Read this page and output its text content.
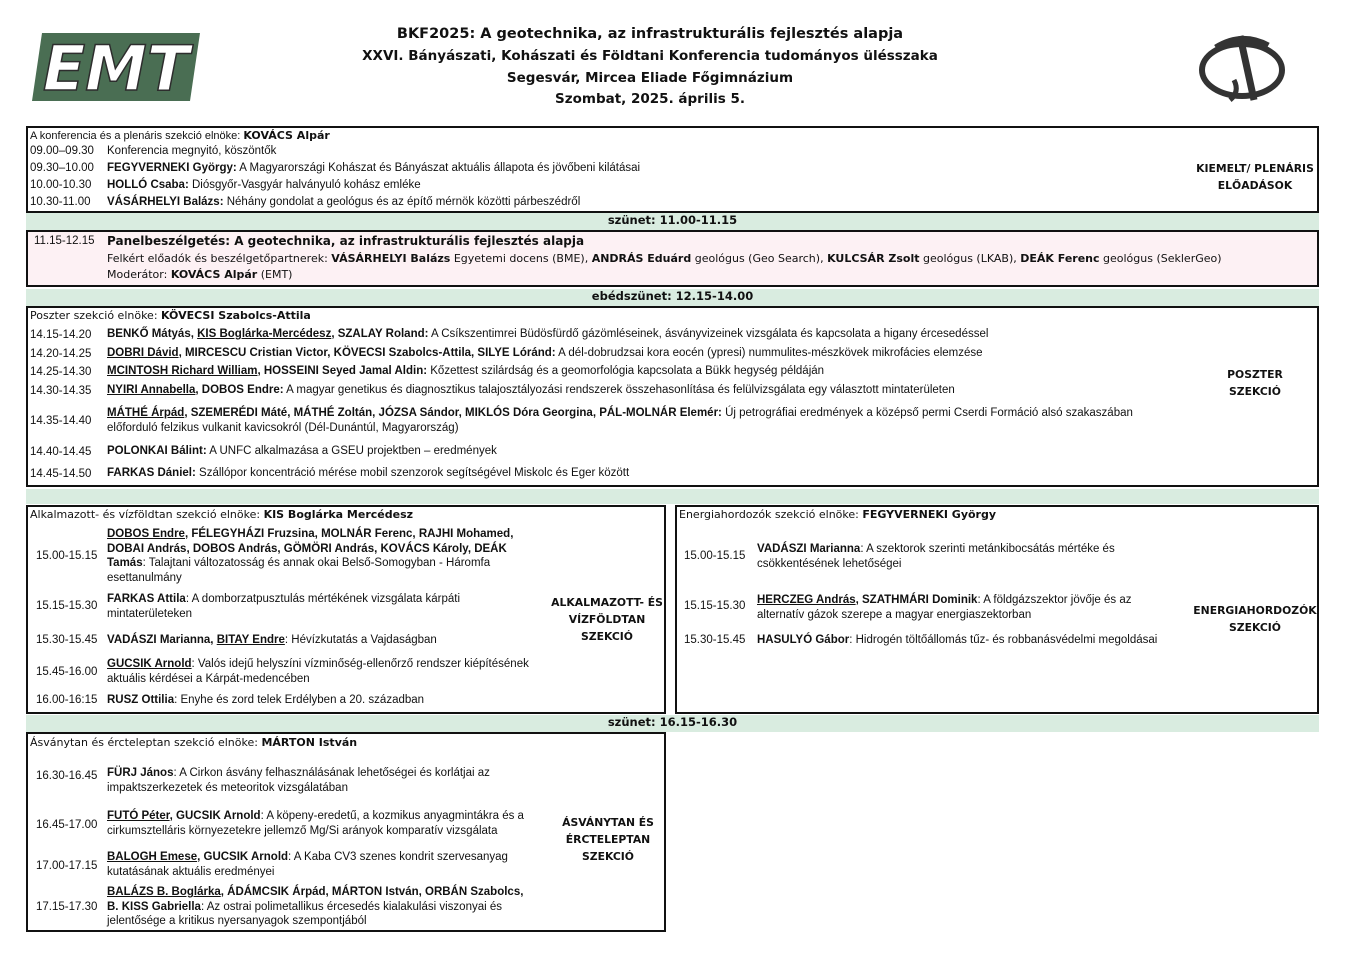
EMT	BKF2025: A geotechnika, az infrastrukturális fejlesztés alapja
XXVI. Bányászati, Kohászati és Földtani Konferencia tudományos ülésszaka
Segesvár, Mircea Eliade Főgimnázium
Szombat, 2025. április 5.
A konferencia és a plenáris szekció elnöke: KOVÁCS Alpár
09.00–09.30 Konferencia megnyitó, köszöntők
09.30–10.00 FEGYVERNEKI György: A Magyarországi Kohászat és Bányászat aktuális állapota és jövőbeni kilátásai
10.00-10.30 HOLLÓ Csaba: Diósgyőr-Vasgyár halványuló kohász emléke
10.30-11.00 VÁSÁRHELYI Balázs: Néhány gondolat a geológus és az építő mérnök közötti párbeszédről
KIEMELT/ PLENÁRIS
ELŐADÁSOK
szünet: 11.00-11.15
11.15-12.15 Panelbeszélgetés: A geotechnika, az infrastrukturális fejlesztés alapja
Felkért előadók és beszélgetőpartnerek: VÁSÁRHELYI Balázs Egyetemi docens (BME), ANDRÁS Eduárd geológus (Geo Search), KULCSÁR Zsolt geológus (LKAB), DEÁK Ferenc geológus (SeklerGeo)
Moderátor: KOVÁCS Alpár (EMT)
ebédszünet: 12.15-14.00
Poszter szekció elnöke: KÖVECSI Szabolcs-Attila
14.15-14.20 BENKŐ Mátyás, KIS Boglárka-Mercédesz, SZALAY Roland: A Csíkszentimrei Büdösfürdő gázömléseinek, ásványvizeinek vizsgálata és kapcsolata a higany ércesedéssel
14.20-14.25 DOBRI Dávid, MIRCESCU Cristian Victor, KÖVECSI Szabolcs-Attila, SILYE Lóránd: A dél-dobrudzsai kora eocén (ypresi) nummulites-mészkövek mikrofácies elemzése
14.25-14.30 MCINTOSH Richard William, HOSSEINI Seyed Jamal Aldin: Kőzettest szilárdság és a geomorfológia kapcsolata a Bükk hegység példáján
14.30-14.35 NYIRI Annabella, DOBOS Endre: A magyar genetikus és diagnosztikus talajosztályozási rendszerek összehasonlítása és felülvizsgálata egy választott mintaterületen
14.35-14.40
MÁTHÉ Árpád, SZEMERÉDI Máté, MÁTHÉ Zoltán, JÓZSA Sándor, MIKLÓS Dóra Georgina, PÁL-MOLNÁR Elemér: Új petrográfiai eredmények a középső permi Cserdi Formáció alsó szakaszában
előforduló felzikus vulkanit kavicsokról (Dél-Dunántúl, Magyarország)
14.40-14.45 POLONKAI Bálint: A UNFC alkalmazása a GSEU projektben – eredmények
14.45-14.50 FARKAS Dániel: Szállópor koncentráció mérése mobil szenzorok segítségével Miskolc és Eger között
POSZTER
SZEKCIÓ
Alkalmazott- és vízföldtan szekció elnöke: KIS Boglárka Mercédesz
15.00-15.15
DOBOS Endre, FÉLEGYHÁZI Fruzsina, MOLNÁR Ferenc, RAJHI Mohamed,
DOBAI András, DOBOS András, GÖMÖRI András, KOVÁCS Károly, DEÁK
Tamás: Talajtani változatosság és annak okai Belső-Somogyban - Háromfa
esettanulmány
15.15-15.30
FARKAS Attila: A domborzatpusztulás mértékének vizsgálata kárpáti
mintaterületeken
15.30-15.45 VADÁSZI Marianna, BITAY Endre: Hévízkutatás a Vajdaságban
15.45-16.00
GUCSIK Arnold: Valós idejű helyszíni vízminőség-ellenőrző rendszer kiépítésének
aktuális kérdései a Kárpát-medencében
16.00-16:15 RUSZ Ottilia: Enyhe és zord telek Erdélyben a 20. században
ALKALMAZOTT- ÉS
VÍZFÖLDTAN
SZEKCIÓ
Energiahordozók szekció elnöke: FEGYVERNEKI György
15.00-15.15
VADÁSZI Marianna: A szektorok szerinti metánkibocsátás mértéke és
csökkentésének lehetőségei
15.15-15.30 HERCZEG András, SZATHMÁRI Dominik: A földgázszektor jövője és az
alternatív gázok szerepe a magyar energiaszektorban
15.30-15.45 HASULYÓ Gábor: Hidrogén töltőállomás tűz- és robbanásvédelmi megoldásai
ENERGIAHORDOZÓK
SZEKCIÓ
szünet: 16.15-16.30
Ásványtan és ércteleptan szekció elnöke: MÁRTON István
16.30-16.45 FÜRJ János: A Cirkon ásvány felhasználásának lehetőségei és korlátjai az
impaktszerkezetek és meteoritok vizsgálatában
16.45-17.00
FUTÓ Péter, GUCSIK Arnold: A köpeny-eredetű, a kozmikus anyagmintákra és a
cirkumsztelláris környezetekre jellemző Mg/Si arányok komparatív vizsgálata
17.00-17.15
BALOGH Emese, GUCSIK Arnold: A Kaba CV3 szenes kondrit szervesanyag
kutatásának aktuális eredményei
17.15-17.30
BALÁZS B. Boglárka, ÁDÁMCSIK Árpád, MÁRTON István, ORBÁN Szabolcs,
B. KISS Gabriella: Az ostrai polimetallikus ércesedés kialakulási viszonyai és
jelentősége a kritikus nyersanyagok szempontjából
ÁSVÁNYTAN ÉS
ÉRCTELEPTAN
SZEKCIÓ
